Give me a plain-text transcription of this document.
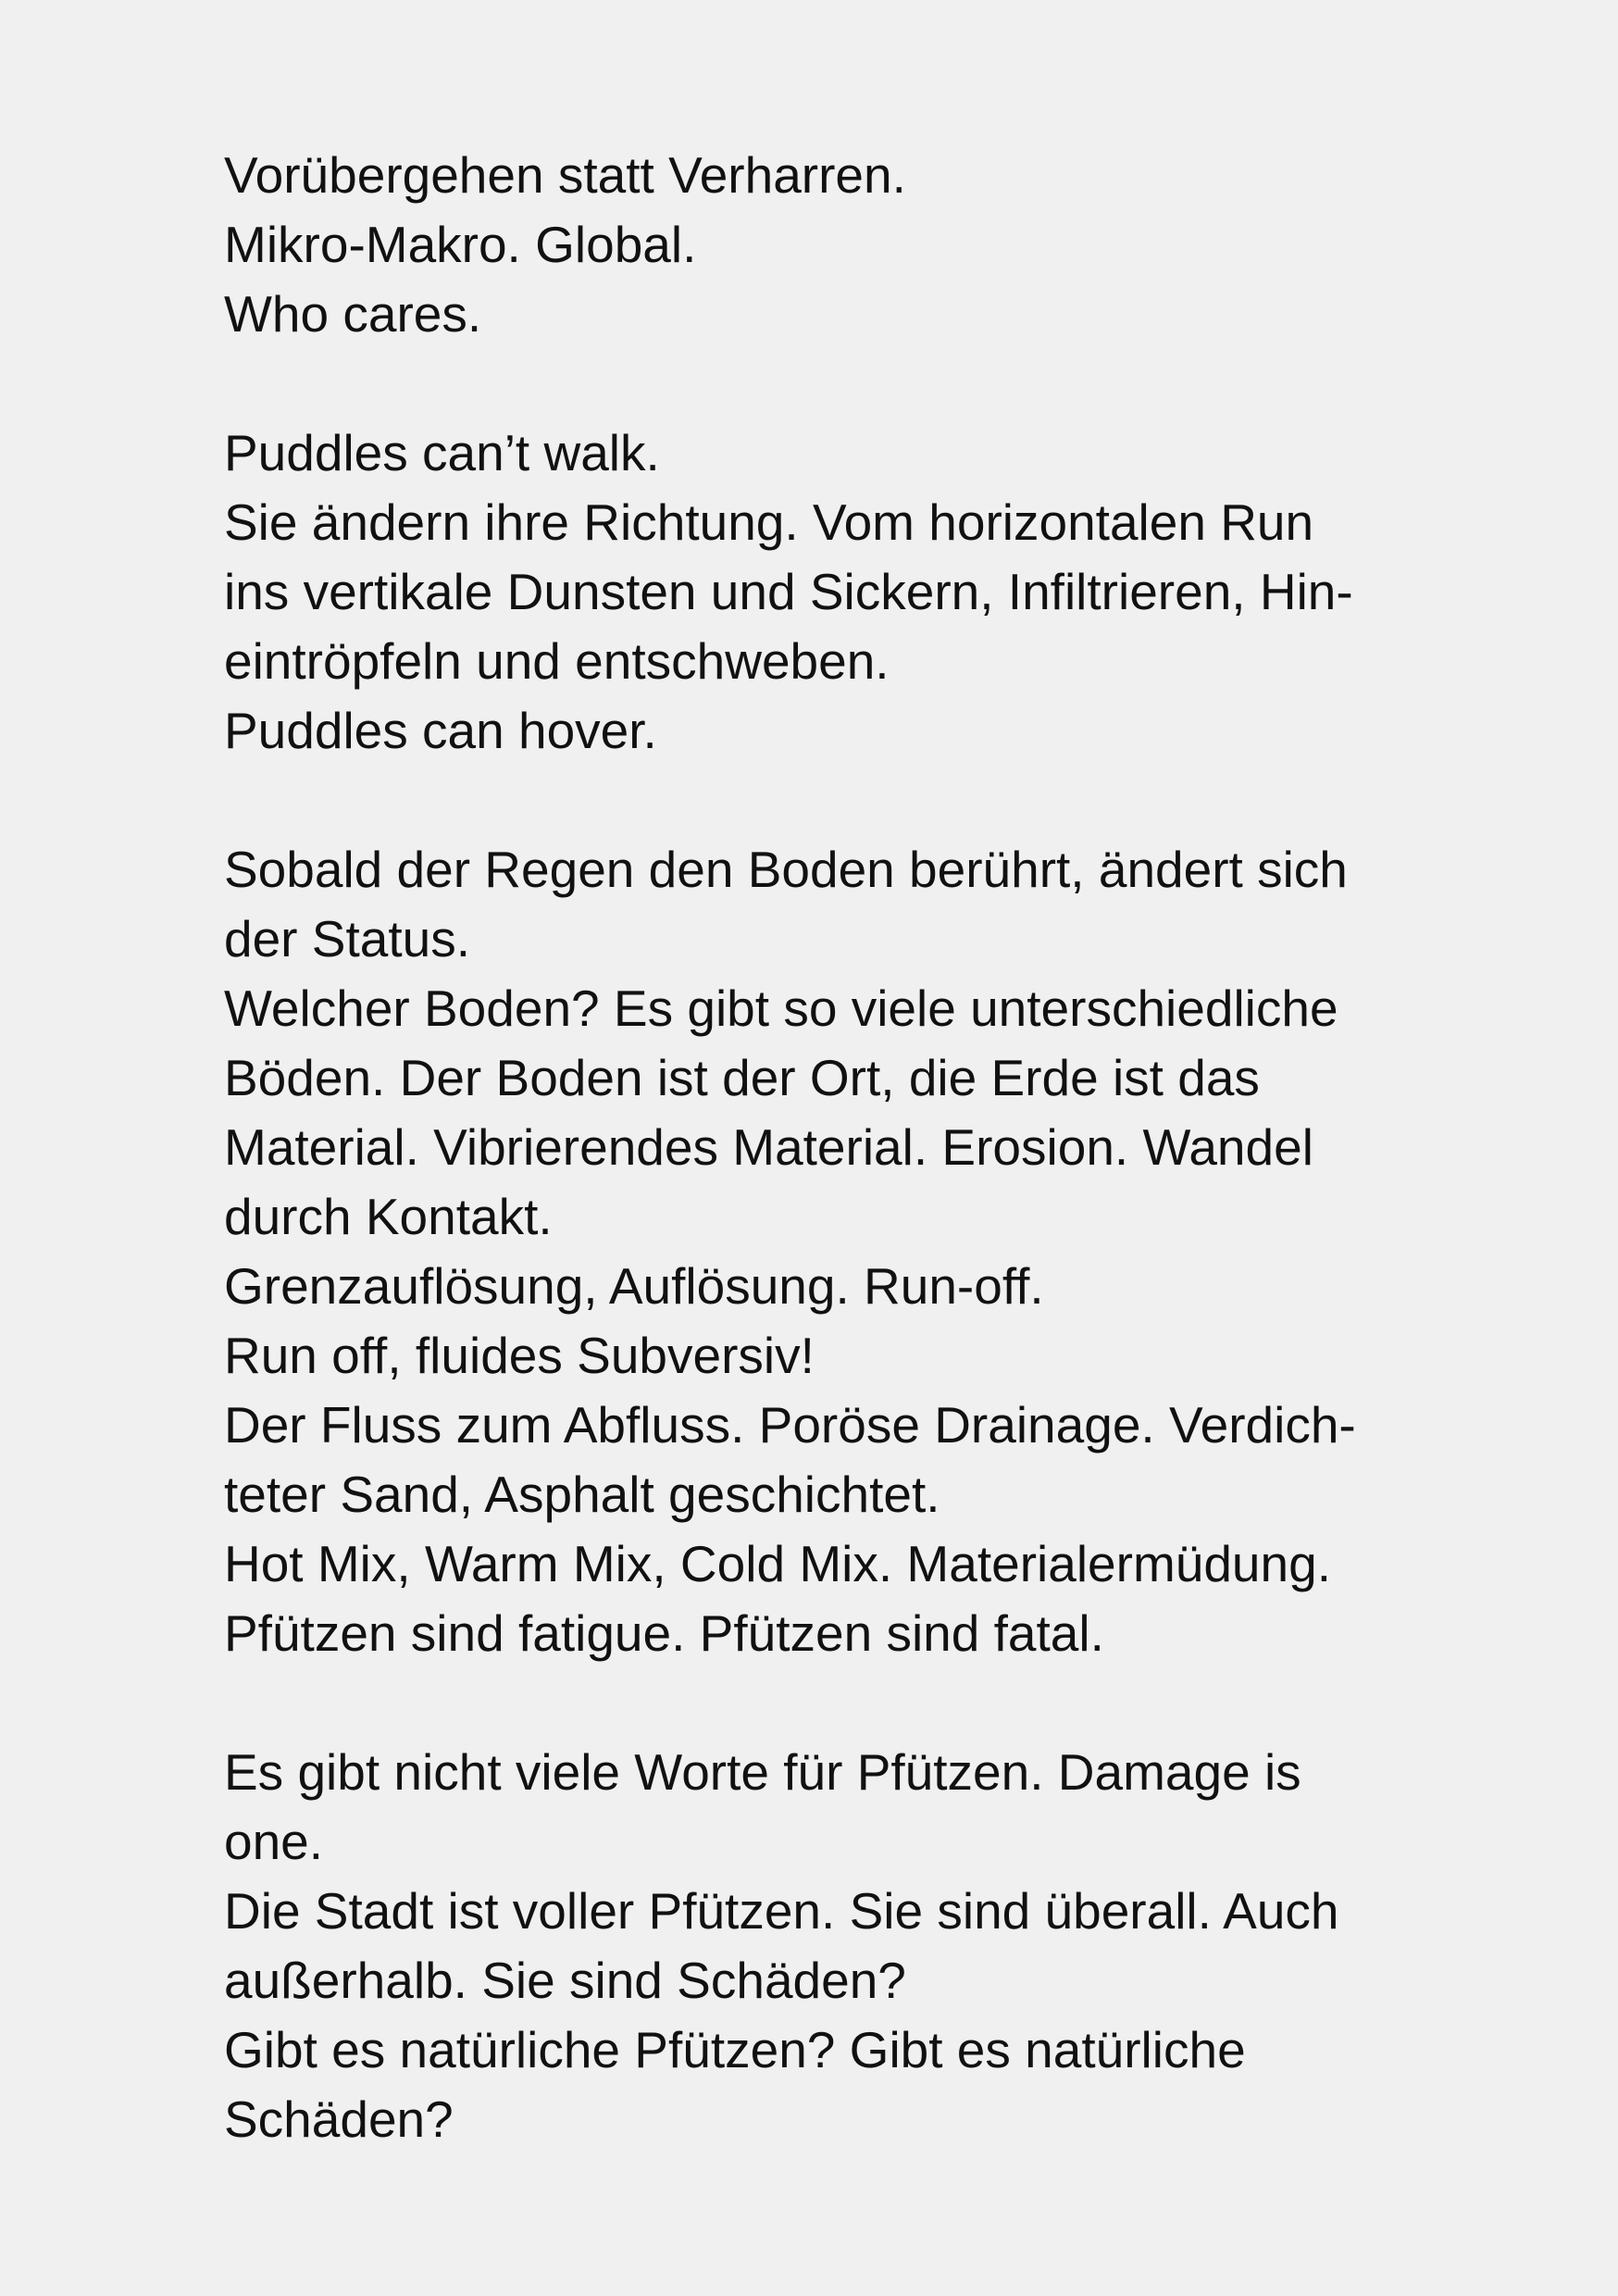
Vorübergehen statt Verharren.
Mikro-Makro. Global.
Who cares.
Puddles can’t walk.
Sie ändern ihre Richtung. Vom horizontalen Run
ins vertikale Dunsten und Sickern, Infiltrieren, Hin-
eintröpfeln und entschweben.
Puddles can hover.
Sobald der Regen den Boden berührt, ändert sich
der Status.
Welcher Boden? Es gibt so viele unterschiedliche
Böden. Der Boden ist der Ort, die Erde ist das
Material. Vibrierendes Material. Erosion. Wandel
durch Kontakt.
Grenzauflösung, Auflösung. Run-off.
Run off, fluides Subversiv!
Der Fluss zum Abfluss. Poröse Drainage. Verdich-
teter Sand, Asphalt geschichtet.
Hot Mix, Warm Mix, Cold Mix. Materialermüdung.
Pfützen sind fatigue. Pfützen sind fatal.
Es gibt nicht viele Worte für Pfützen. Damage is
one.
Die Stadt ist voller Pfützen. Sie sind überall. Auch
außerhalb. Sie sind Schäden?
Gibt es natürliche Pfützen? Gibt es natürliche
Schäden?
